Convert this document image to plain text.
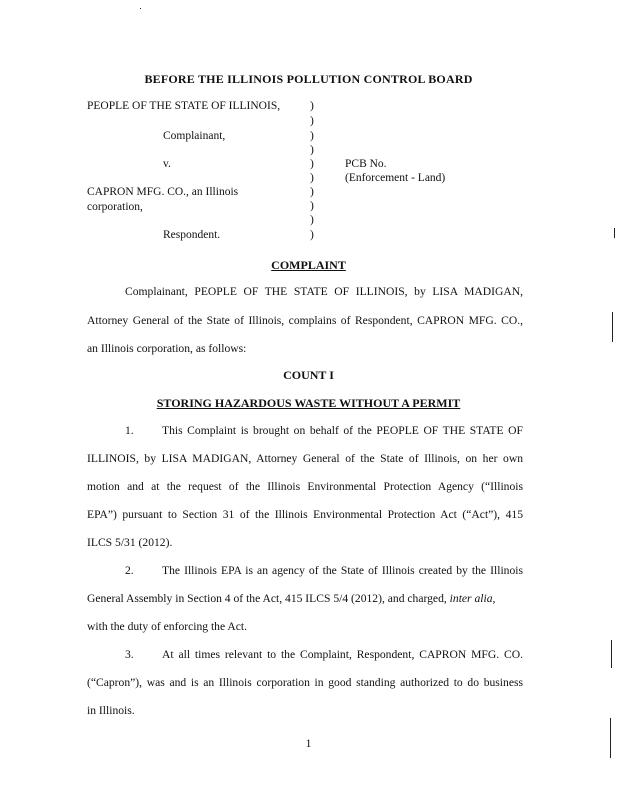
BEFORE THE ILLINOIS POLLUTION CONTROL BOARD
PEOPLE OF THE STATE OF ILLINOIS,
Complainant,
v.
CAPRON MFG. CO., an Illinois
corporation,
Respondent.
)
)
)
)
)
)
)
)
)
)
PCB No.
(Enforcement - Land)
COMPLAINT
Complainant, PEOPLE OF THE STATE OF ILLINOIS, by LISA MADIGAN,
Attorney General of the State of Illinois, complains of Respondent, CAPRON MFG. CO.,
an Illinois corporation, as follows:
COUNT I
STORING HAZARDOUS WASTE WITHOUT A PERMIT
1. This Complaint is brought on behalf of the PEOPLE OF THE STATE OF
ILLINOIS, by LISA MADIGAN, Attorney General of the State of Illinois, on her own
motion and at the request of the Illinois Environmental Protection Agency (“Illinois
EPA”) pursuant to Section 31 of the Illinois Environmental Protection Act (“Act”), 415
ILCS 5/31 (2012).
2. The Illinois EPA is an agency of the State of Illinois created by the Illinois
General Assembly in Section 4 of the Act, 415 ILCS 5/4 (2012), and charged, inter alia,
with the duty of enforcing the Act.
3. At all times relevant to the Complaint, Respondent, CAPRON MFG. CO.
(“Capron”), was and is an Illinois corporation in good standing authorized to do business
in Illinois.
1
